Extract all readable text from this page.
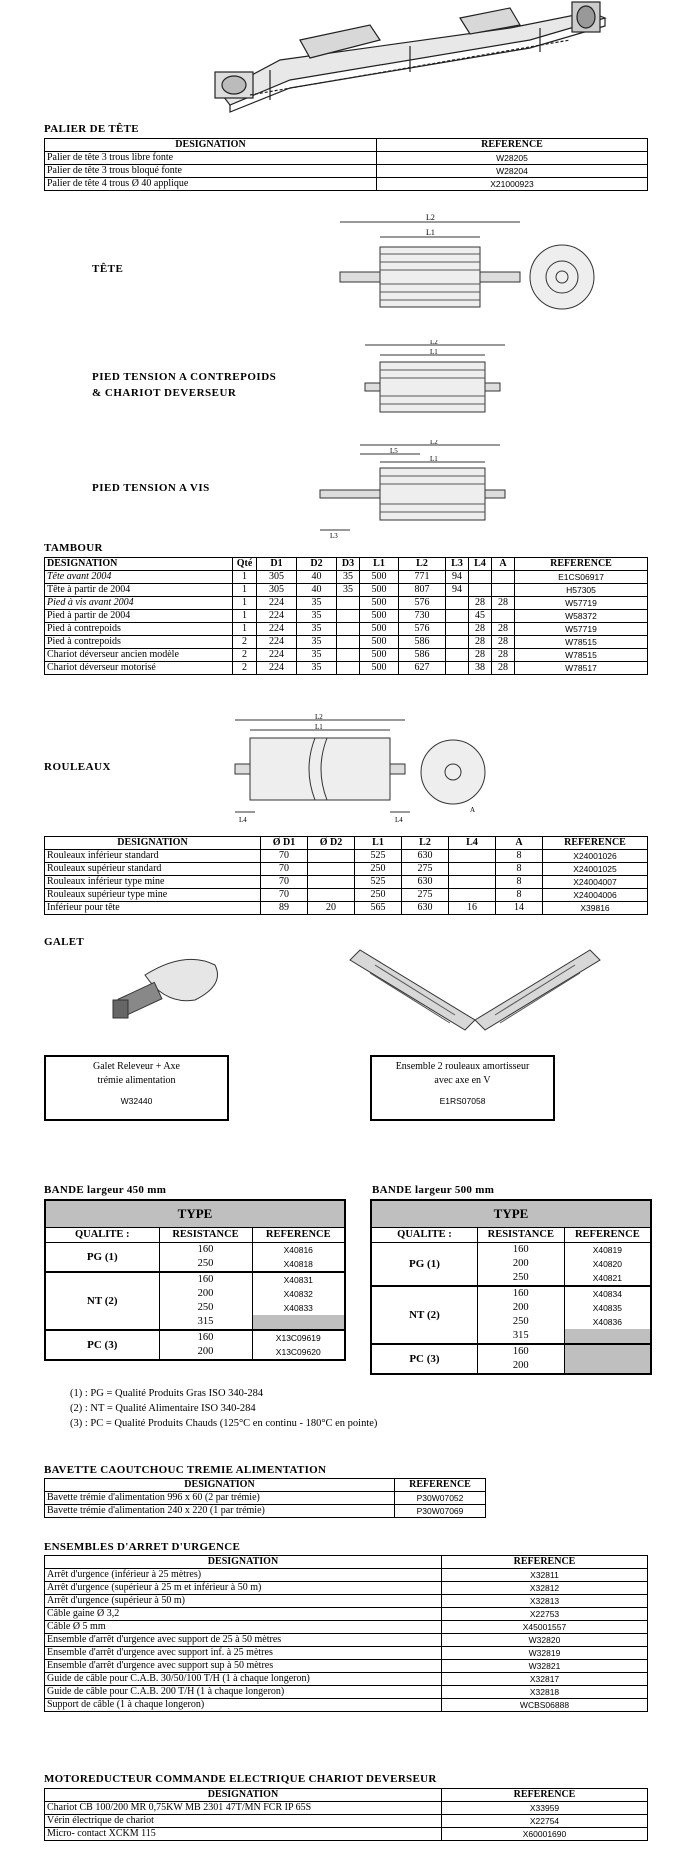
PALIER DE TÊTE
DESIGNATION	REFERENCE
Palier de tête 3 trous libre fonte	W28205
Palier de tête 3 trous bloqué fonte	W28204
Palier de tête 4 trous Ø 40 applique	X21000923
TÊTE
L2
L1
PIED TENSION A CONTREPOIDS
& CHARIOT DEVERSEUR
L2
L1
PIED TENSION A VIS
L2
L5
L1
L3
TAMBOUR
DESIGNATION	Qté	D1	D2	D3	L1	L2	L3	L4	A	REFERENCE
Tête avant 2004	1	305	40	35	500	771	94			E1CS06917
Tête à partir de 2004	1	305	40	35	500	807	94			H57305
Pied à vis avant 2004	1	224	35		500	576		28	28	W57719
Pied à partir de 2004	1	224	35		500	730		45		W58372
Pied à contrepoids	1	224	35		500	576		28	28	W57719
Pied à contrepoids	2	224	35		500	586		28	28	W78515
Chariot déverseur ancien modèle	2	224	35		500	586		28	28	W78515
Chariot déverseur motorisé	2	224	35		500	627		38	28	W78517
ROULEAUX
L2
L1
L4	L4
A
DESIGNATION	Ø D1	Ø D2	L1	L2	L4	A	REFERENCE
Rouleaux inférieur standard	70		525	630		8	X24001026
Rouleaux supérieur standard	70		250	275		8	X24001025
Rouleaux inférieur type mine	70		525	630		8	X24004007
Rouleaux supérieur type mine	70		250	275		8	X24004006
Inférieur pour tête	89	20	565	630	16	14	X39816
GALET
Galet Releveur + Axe
trémie alimentation
W32440
Ensemble 2 rouleaux amortisseur
avec axe en V
E1RS07058
BANDE largeur 450 mm	BANDE largeur 500 mm
TYPE		
QUALITE :	RESISTANCE	REFERENCE
PG (1)	160	X40816

	250	X40818
NT (2)	160	X40831
	200	X40832
	250	X40833
	315	
PC (3)	160	X13C09619
	200	X13C09620
TYPE		
QUALITE :	RESISTANCE	REFERENCE
PG (1)	160	X40819
	200	X40820
	250	X40821
NT (2)	160	X40834
	200	X40835
	250	X40836
	315	
PC (3)	160	
	200	
(1) : PG = Qualité Produits Gras ISO 340-284
(2) : NT = Qualité Alimentaire ISO 340-284
(3) : PC = Qualité Produits Chauds (125°C en continu - 180°C en pointe)
BAVETTE CAOUTCHOUC TREMIE ALIMENTATION
DESIGNATION	REFERENCE
Bavette trémie d'alimentation 996 x 60 (2 par trémie)	P30W07052
Bavette trémie d'alimentation 240 x 220 (1 par trémie)	P30W07069
ENSEMBLES D'ARRET D'URGENCE
DESIGNATION	REFERENCE
Arrêt d'urgence (inférieur à 25 mètres)	X32811
Arrêt d'urgence (supérieur à 25 m et inférieur à 50 m)	X32812
Arrêt d'urgence (supérieur à 50 m)	X32813
Câble gaine Ø 3,2	X22753
Câble Ø 5 mm	X45001557
Ensemble d'arrêt d'urgence avec support de 25 à 50 mètres	W32820
Ensemble d'arrêt d'urgence avec support inf. à 25 mètres	W32819
Ensemble d'arrêt d'urgence avec support sup à 50 mètres	W32821
Guide de câble pour C.A.B. 30/50/100 T/H (1 à chaque longeron)	X32817
Guide de câble pour C.A.B. 200 T/H (1 à chaque longeron)	X32818
Support de câble (1 à chaque longeron)	WCBS06888
MOTOREDUCTEUR COMMANDE ELECTRIQUE CHARIOT DEVERSEUR
DESIGNATION	REFERENCE
Chariot CB 100/200 MR 0,75KW MB 2301 47T/MN FCR IP 65S	X33959
Vérin électrique de chariot	X22754
Micro- contact XCKM 115	X60001690
